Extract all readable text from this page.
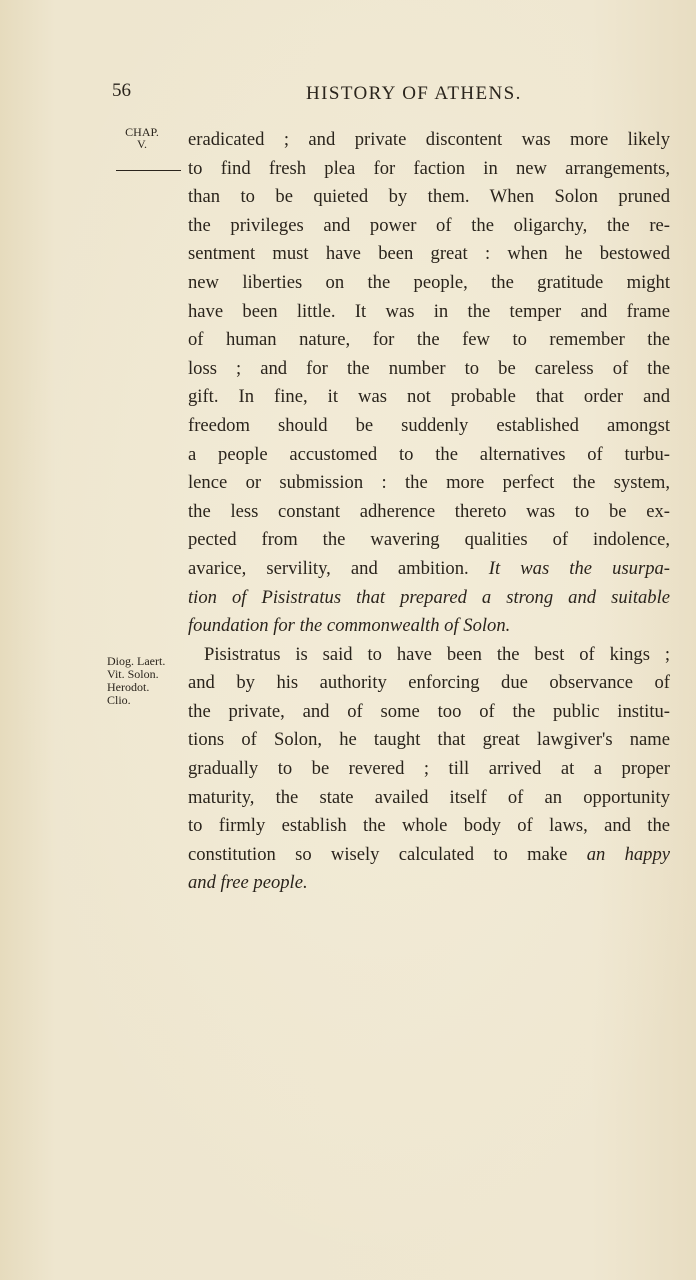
56	HISTORY OF ATHENS.
CHAP.
V.
Diog. Laert.
Vit. Solon.
Herodot.
Clio.
eradicated ; and private discontent was more likely
to find fresh plea for faction in new arrangements,
than to be quieted by them. When Solon pruned
the privileges and power of the oligarchy, the re-
sentment must have been great : when he bestowed
new liberties on the people, the gratitude might
have been little. It was in the temper and frame
of human nature, for the few to remember the
loss ; and for the number to be careless of the
gift. In fine, it was not probable that order and
freedom should be suddenly established amongst
a people accustomed to the alternatives of turbu-
lence or submission : the more perfect the system,
the less constant adherence thereto was to be ex-
pected from the wavering qualities of indolence,
avarice, servility, and ambition. It was the usurpa-
tion of Pisistratus that prepared a strong and suitable
foundation for the commonwealth of Solon.
Pisistratus is said to have been the best of kings ;
and by his authority enforcing due observance of
the private, and of some too of the public institu-
tions of Solon, he taught that great lawgiver's name
gradually to be revered ; till arrived at a proper
maturity, the state availed itself of an opportunity
to firmly establish the whole body of laws, and the
constitution so wisely calculated to make an happy
and free people.
